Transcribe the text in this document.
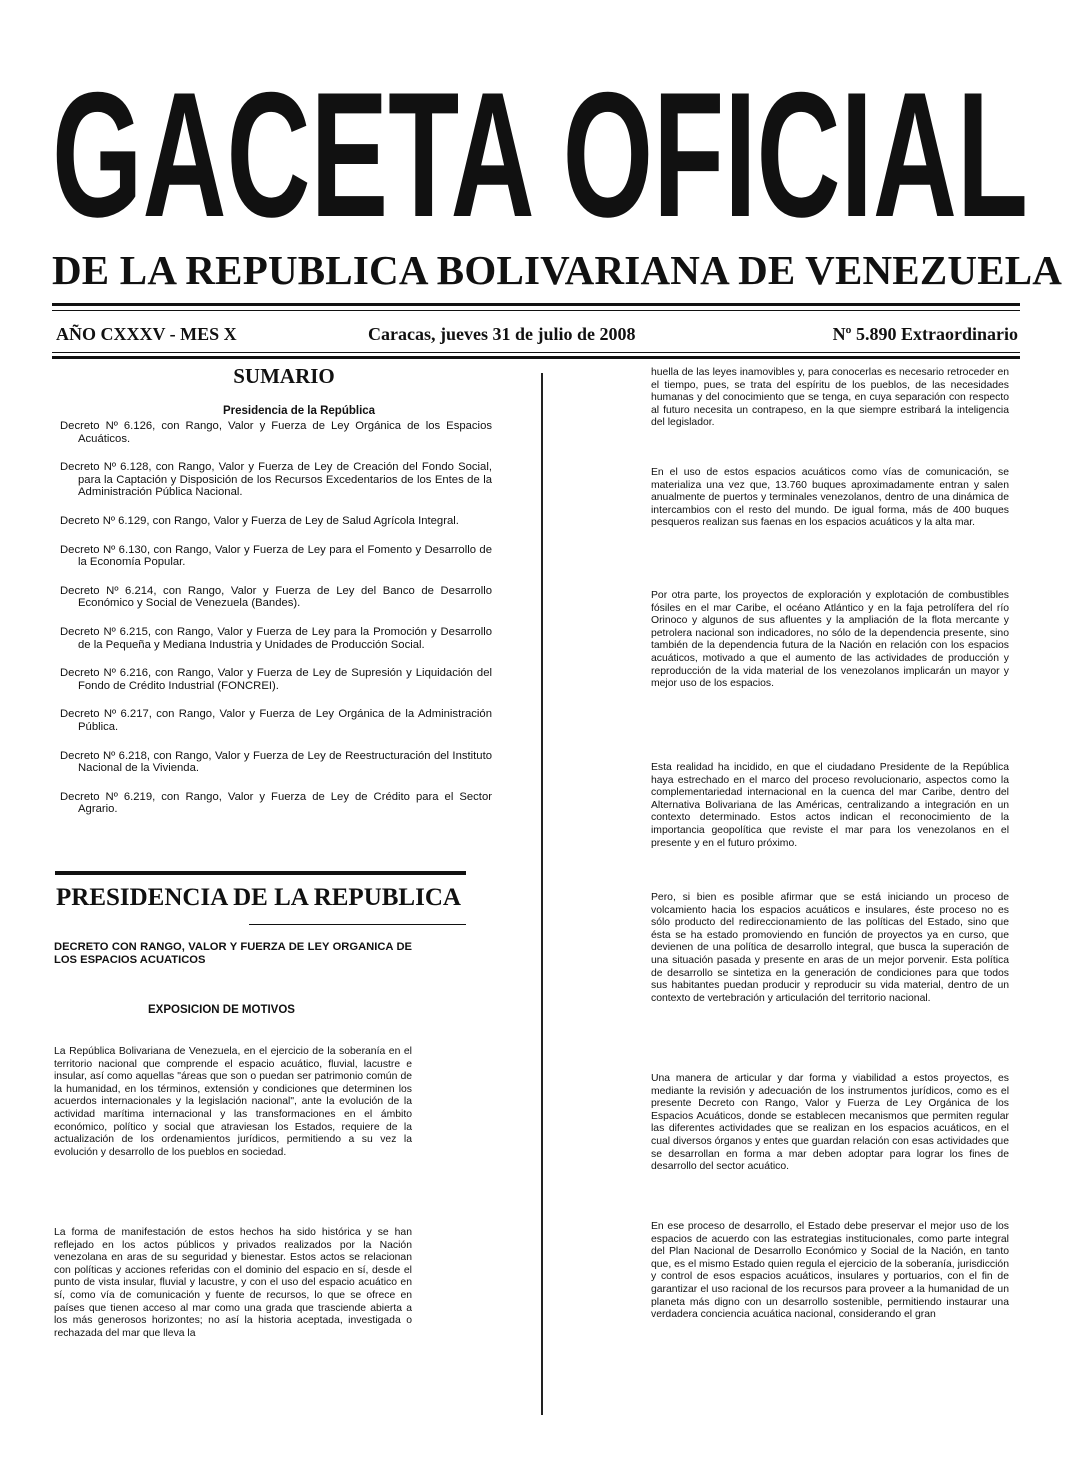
GACETA OFICIAL
DE LA REPUBLICA BOLIVARIANA DE VENEZUELA
AÑO CXXXV - MES X	Caracas, jueves 31 de julio de 2008	Nº 5.890 Extraordinario
SUMARIO
Presidencia de la República
Decreto Nº 6.126, con Rango, Valor y Fuerza de Ley Orgánica de los Espacios Acuáticos.
Decreto Nº 6.128, con Rango, Valor y Fuerza de Ley de Creación del Fondo Social, para la Captación y Disposición de los Recursos Excedentarios de los Entes de la Administración Pública Nacional.
Decreto Nº 6.129, con Rango, Valor y Fuerza de Ley de Salud Agrícola Integral.
Decreto Nº 6.130, con Rango, Valor y Fuerza de Ley para el Fomento y Desarrollo de la Economía Popular.
Decreto Nº 6.214, con Rango, Valor y Fuerza de Ley del Banco de Desarrollo Económico y Social de Venezuela (Bandes).
Decreto Nº 6.215, con Rango, Valor y Fuerza de Ley para la Promoción y Desarrollo de la Pequeña y Mediana Industria y Unidades de Producción Social.
Decreto Nº 6.216, con Rango, Valor y Fuerza de Ley de Supresión y Liquidación del Fondo de Crédito Industrial (FONCREI).
Decreto Nº 6.217, con Rango, Valor y Fuerza de Ley Orgánica de la Administración Pública.
Decreto Nº 6.218, con Rango, Valor y Fuerza de Ley de Reestructuración del Instituto Nacional de la Vivienda.
Decreto Nº 6.219, con Rango, Valor y Fuerza de Ley de Crédito para el Sector Agrario.
PRESIDENCIA DE LA REPUBLICA
DECRETO CON RANGO, VALOR Y FUERZA DE LEY ORGANICA DE LOS ESPACIOS ACUATICOS
EXPOSICION DE MOTIVOS

La República Bolivariana de Venezuela, en el ejercicio de la soberanía en el territorio nacional que comprende el espacio acuático, fluvial, lacustre e insular, así como aquellas "áreas que son o puedan ser patrimonio común de la humanidad, en los términos, extensión y condiciones que determinen los acuerdos internacionales y la legislación nacional", ante la evolución de la actividad marítima internacional y las transformaciones en el ámbito económico, político y social que atraviesan los Estados, requiere de la actualización de los ordenamientos jurídicos, permitiendo a su vez la evolución y desarrollo de los pueblos en sociedad.

La forma de manifestación de estos hechos ha sido histórica y se han reflejado en los actos públicos y privados realizados por la Nación venezolana en aras de su seguridad y bienestar. Estos actos se relacionan con políticas y acciones referidas con el dominio del espacio en sí, desde el punto de vista insular, fluvial y lacustre, y con el uso del espacio acuático en sí, como vía de comunicación y fuente de recursos, lo que se ofrece en países que tienen acceso al mar como una grada que trasciende abierta a los más generosos horizontes; no así la historia aceptada, investigada o rechazada del mar que lleva la

huella de las leyes inamovibles y, para conocerlas es necesario retroceder en el tiempo, pues, se trata del espíritu de los pueblos, de las necesidades humanas y del conocimiento que se tenga, en cuya separación con respecto al futuro necesita un contrapeso, en la que siempre estribará la inteligencia del legislador.

En el uso de estos espacios acuáticos como vías de comunicación, se materializa una vez que, 13.760 buques aproximadamente entran y salen anualmente de puertos y terminales venezolanos, dentro de una dinámica de intercambios con el resto del mundo. De igual forma, más de 400 buques pesqueros realizan sus faenas en los espacios acuáticos y la alta mar.

Por otra parte, los proyectos de exploración y explotación de combustibles fósiles en el mar Caribe, el océano Atlántico y en la faja petrolífera del río Orinoco y algunos de sus afluentes y la ampliación de la flota mercante y petrolera nacional son indicadores, no sólo de la dependencia presente, sino también de la dependencia futura de la Nación en relación con los espacios acuáticos, motivado a que el aumento de las actividades de producción y reproducción de la vida material de los venezolanos implicarán un mayor y mejor uso de los espacios.

Esta realidad ha incidido, en que el ciudadano Presidente de la República haya estrechado en el marco del proceso revolucionario, aspectos como la complementariedad internacional en la cuenca del mar Caribe, dentro del Alternativa Bolivariana de las Américas, centralizando a integración en un contexto determinado. Estos actos indican el reconocimiento de la importancia geopolítica que reviste el mar para los venezolanos en el presente y en el futuro próximo.

Pero, si bien es posible afirmar que se está iniciando un proceso de volcamiento hacia los espacios acuáticos e insulares, éste proceso no es sólo producto del redireccionamiento de las políticas del Estado, sino que ésta se ha estado promoviendo en función de proyectos ya en curso, que devienen de una política de desarrollo integral, que busca la superación de una situación pasada y presente en aras de un mejor porvenir. Esta política de desarrollo se sintetiza en la generación de condiciones para que todos sus habitantes puedan producir y reproducir su vida material, dentro de un contexto de vertebración y articulación del territorio nacional.

Una manera de articular y dar forma y viabilidad a estos proyectos, es mediante la revisión y adecuación de los instrumentos jurídicos, como es el presente Decreto con Rango, Valor y Fuerza de Ley Orgánica de los Espacios Acuáticos, donde se establecen mecanismos que permiten regular las diferentes actividades que se realizan en los espacios acuáticos, en el cual diversos órganos y entes que guardan relación con esas actividades que se desarrollan en forma a mar deben adoptar para lograr los fines de desarrollo del sector acuático.

En ese proceso de desarrollo, el Estado debe preservar el mejor uso de los espacios de acuerdo con las estrategias institucionales, como parte integral del Plan Nacional de Desarrollo Económico y Social de la Nación, en tanto que, es el mismo Estado quien regula el ejercicio de la soberanía, jurisdicción y control de esos espacios acuáticos, insulares y portuarios, con el fin de garantizar el uso racional de los recursos para proveer a la humanidad de un planeta más digno con un desarrollo sostenible, permitiendo instaurar una verdadera conciencia acuática nacional, considerando el gran
